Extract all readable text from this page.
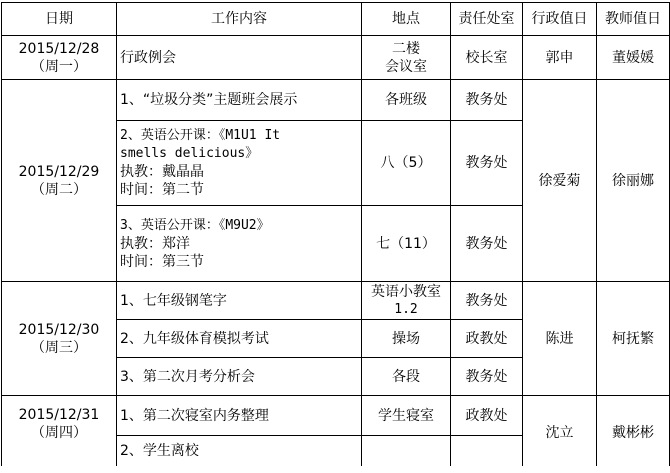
日期	工作内容	地点	责任处室	行政值日	教师值日

2015/12/28
（周一）	行政例会	二楼
会议室	校长室	郭申	董媛媛

2015/12/29
（周二）	1、“垃圾分类”主题班会展示	各班级	教务处	徐爱菊	徐丽娜

	2、英语公开课：《M1U1 It
smells delicious》
执教：戴晶晶
时间：第二节	八（5）	教务处		

	3、英语公开课：《M9U2》
执教：郑洋
时间：第三节	七（11）	教务处		

2015/12/30
（周三）	1、七年级钢笔字	英语小教室
1.2	教务处	陈进	柯抚繁
	2、九年级体育模拟考试	操场	政教处		
	3、第二次月考分析会	各段	教务处		

2015/12/31
（周四）	1、第二次寝室内务整理	学生寝室	政教处	沈立	戴彬彬
	2、学生离校				
